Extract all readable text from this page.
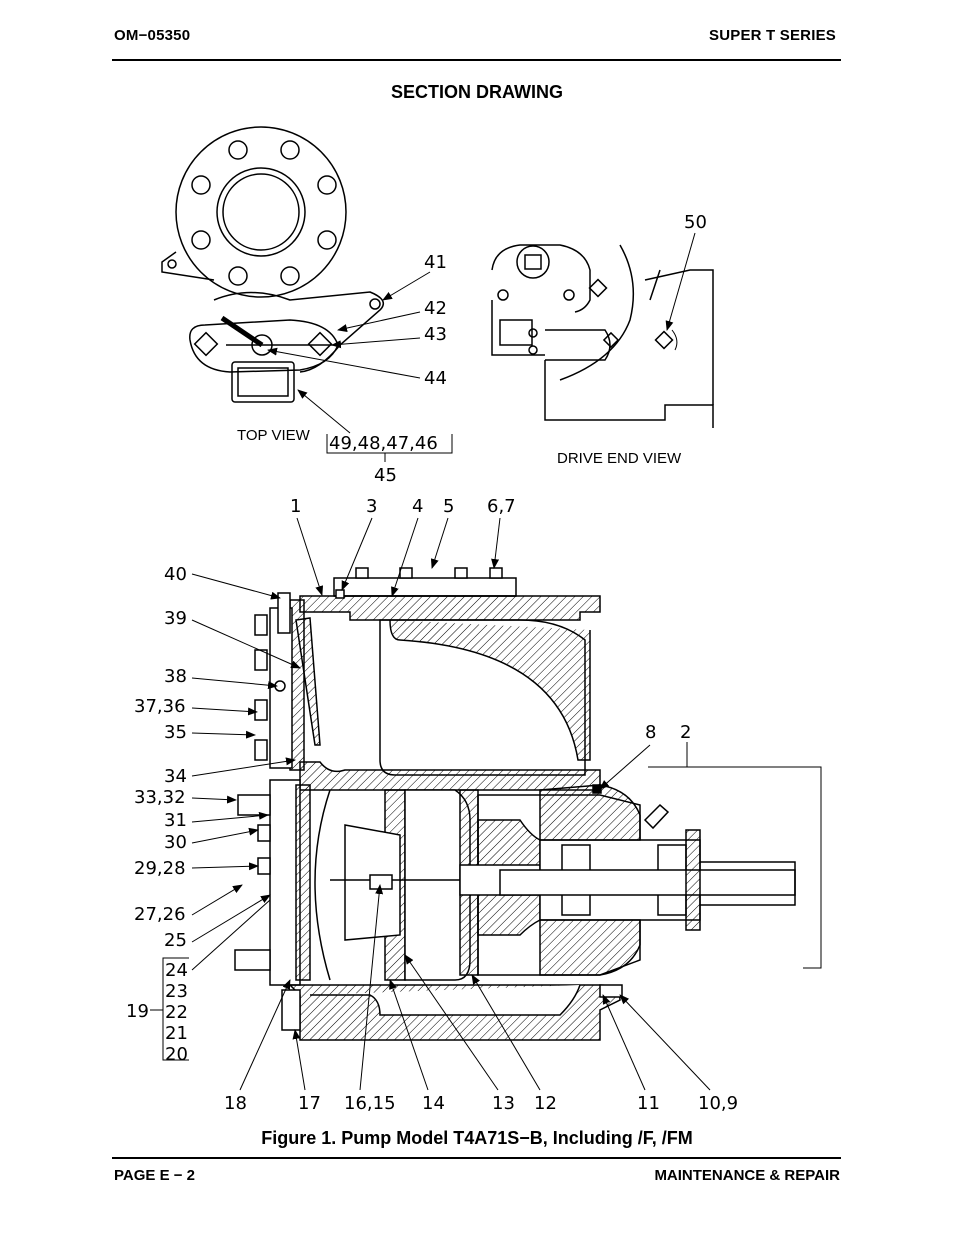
OM−05350	SUPER T SERIES
SECTION DRAWING
41
42
43
44
49,48,47,46
45
50
1	3 4 5 6,7
40
39
38
37,36
35
34
33,32
31
30
29,28
27,26
25
24
23
22
21
20
19
18	17 16,15 14	13 12	11 10,9
8 2
TOP VIEW
DRIVE END VIEW
Figure 1. Pump Model T4A71S−B, Including /F, /FM
PAGE E − 2	MAINTENANCE & REPAIR
